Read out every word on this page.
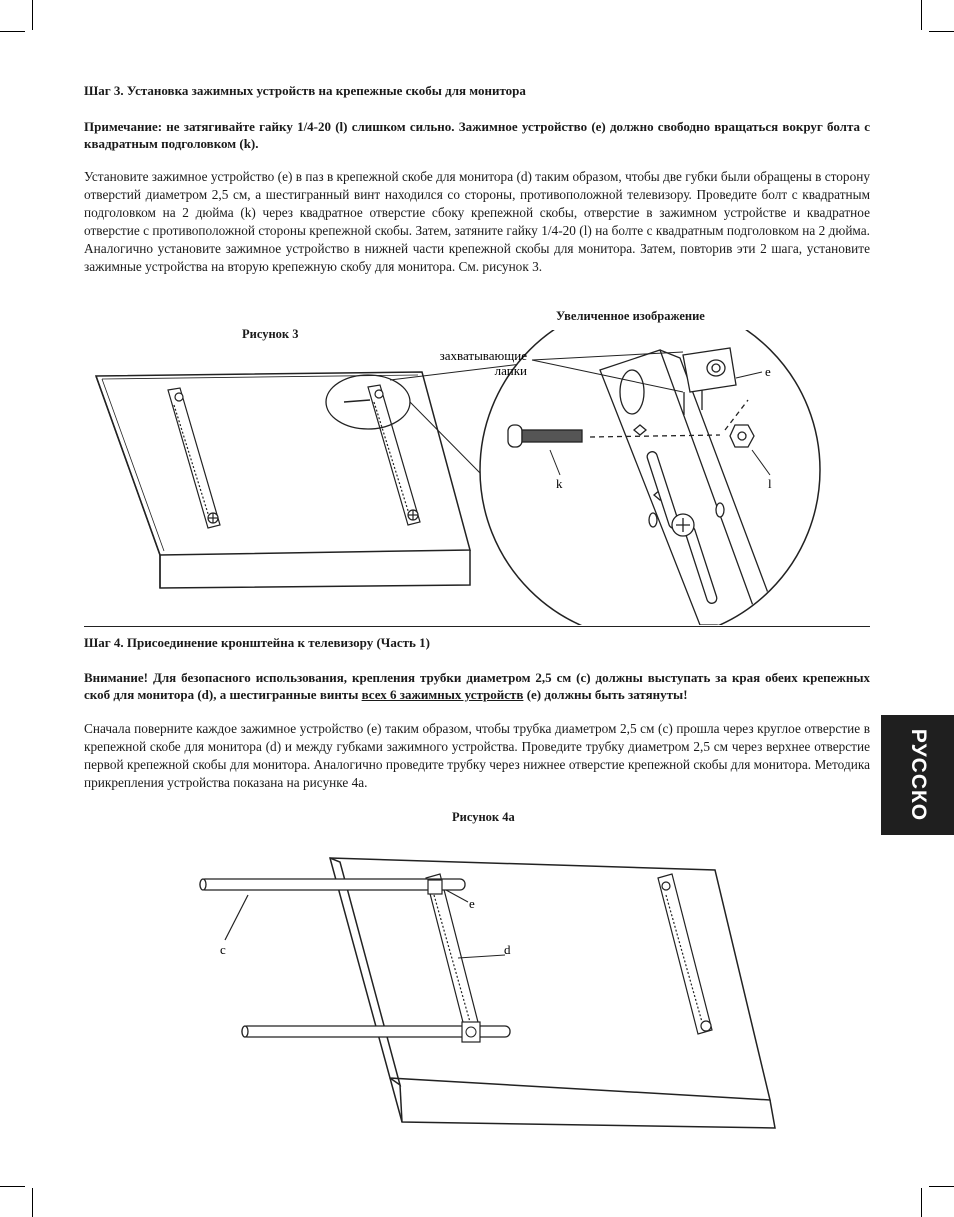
Шаг 3. Установка зажимных устройств на крепежные скобы для монитора
Примечание: не затягивайте гайку 1/4-20 (l) слишком сильно. Зажимное устройство (e) должно свободно вращаться вокруг болта с квадратным подголовком (k).
Установите зажимное устройство (e) в паз в крепежной скобе для монитора (d) таким образом, чтобы две губки были обращены в сторону отверстий диаметром 2,5 см, а шестигранный винт находился со стороны, противоположной телевизору. Проведите болт с квадратным подголовком на 2 дюйма (k) через квадратное отверстие сбоку крепежной скобы, отверстие в зажимном устройстве и квадратное отверстие с противоположной стороны крепежной скобы. Затем, затяните гайку 1/4-20 (l) на болте с квадратным подголовком на 2 дюйма. Аналогично установите зажимное устройство в нижней части крепежной скобы для монитора. Затем, повторив эти 2 шага, установите зажимные устройства на вторую крепежную скобу для монитора. См. рисунок 3.
Рисунок 3
Увеличенное изображение
захватывающие
лапки	e
k	l
Шаг 4. Присоединение кронштейна к телевизору (Часть 1)
Внимание! Для безопасного использования, крепления трубки диаметром 2,5 см (c) должны выступать за края обеих крепежных скоб для монитора (d), а шестигранные винты всех 6 зажимных устройств (e) должны быть затянуты!
Сначала поверните каждое зажимное устройство (e) таким образом, чтобы трубка диаметром 2,5 см (c) прошла через круглое отверстие в крепежной скобе для монитора (d) и между губками зажимного устройства. Проведите трубку диаметром 2,5 см через верхнее отверстие первой крепежной скобы для монитора. Аналогично проведите трубку через нижнее отверстие крепежной скобы для монитора. Методика прикрепления устройства показана на рисунке 4a.
Рисунок 4a
c
e
d
РУССКО
